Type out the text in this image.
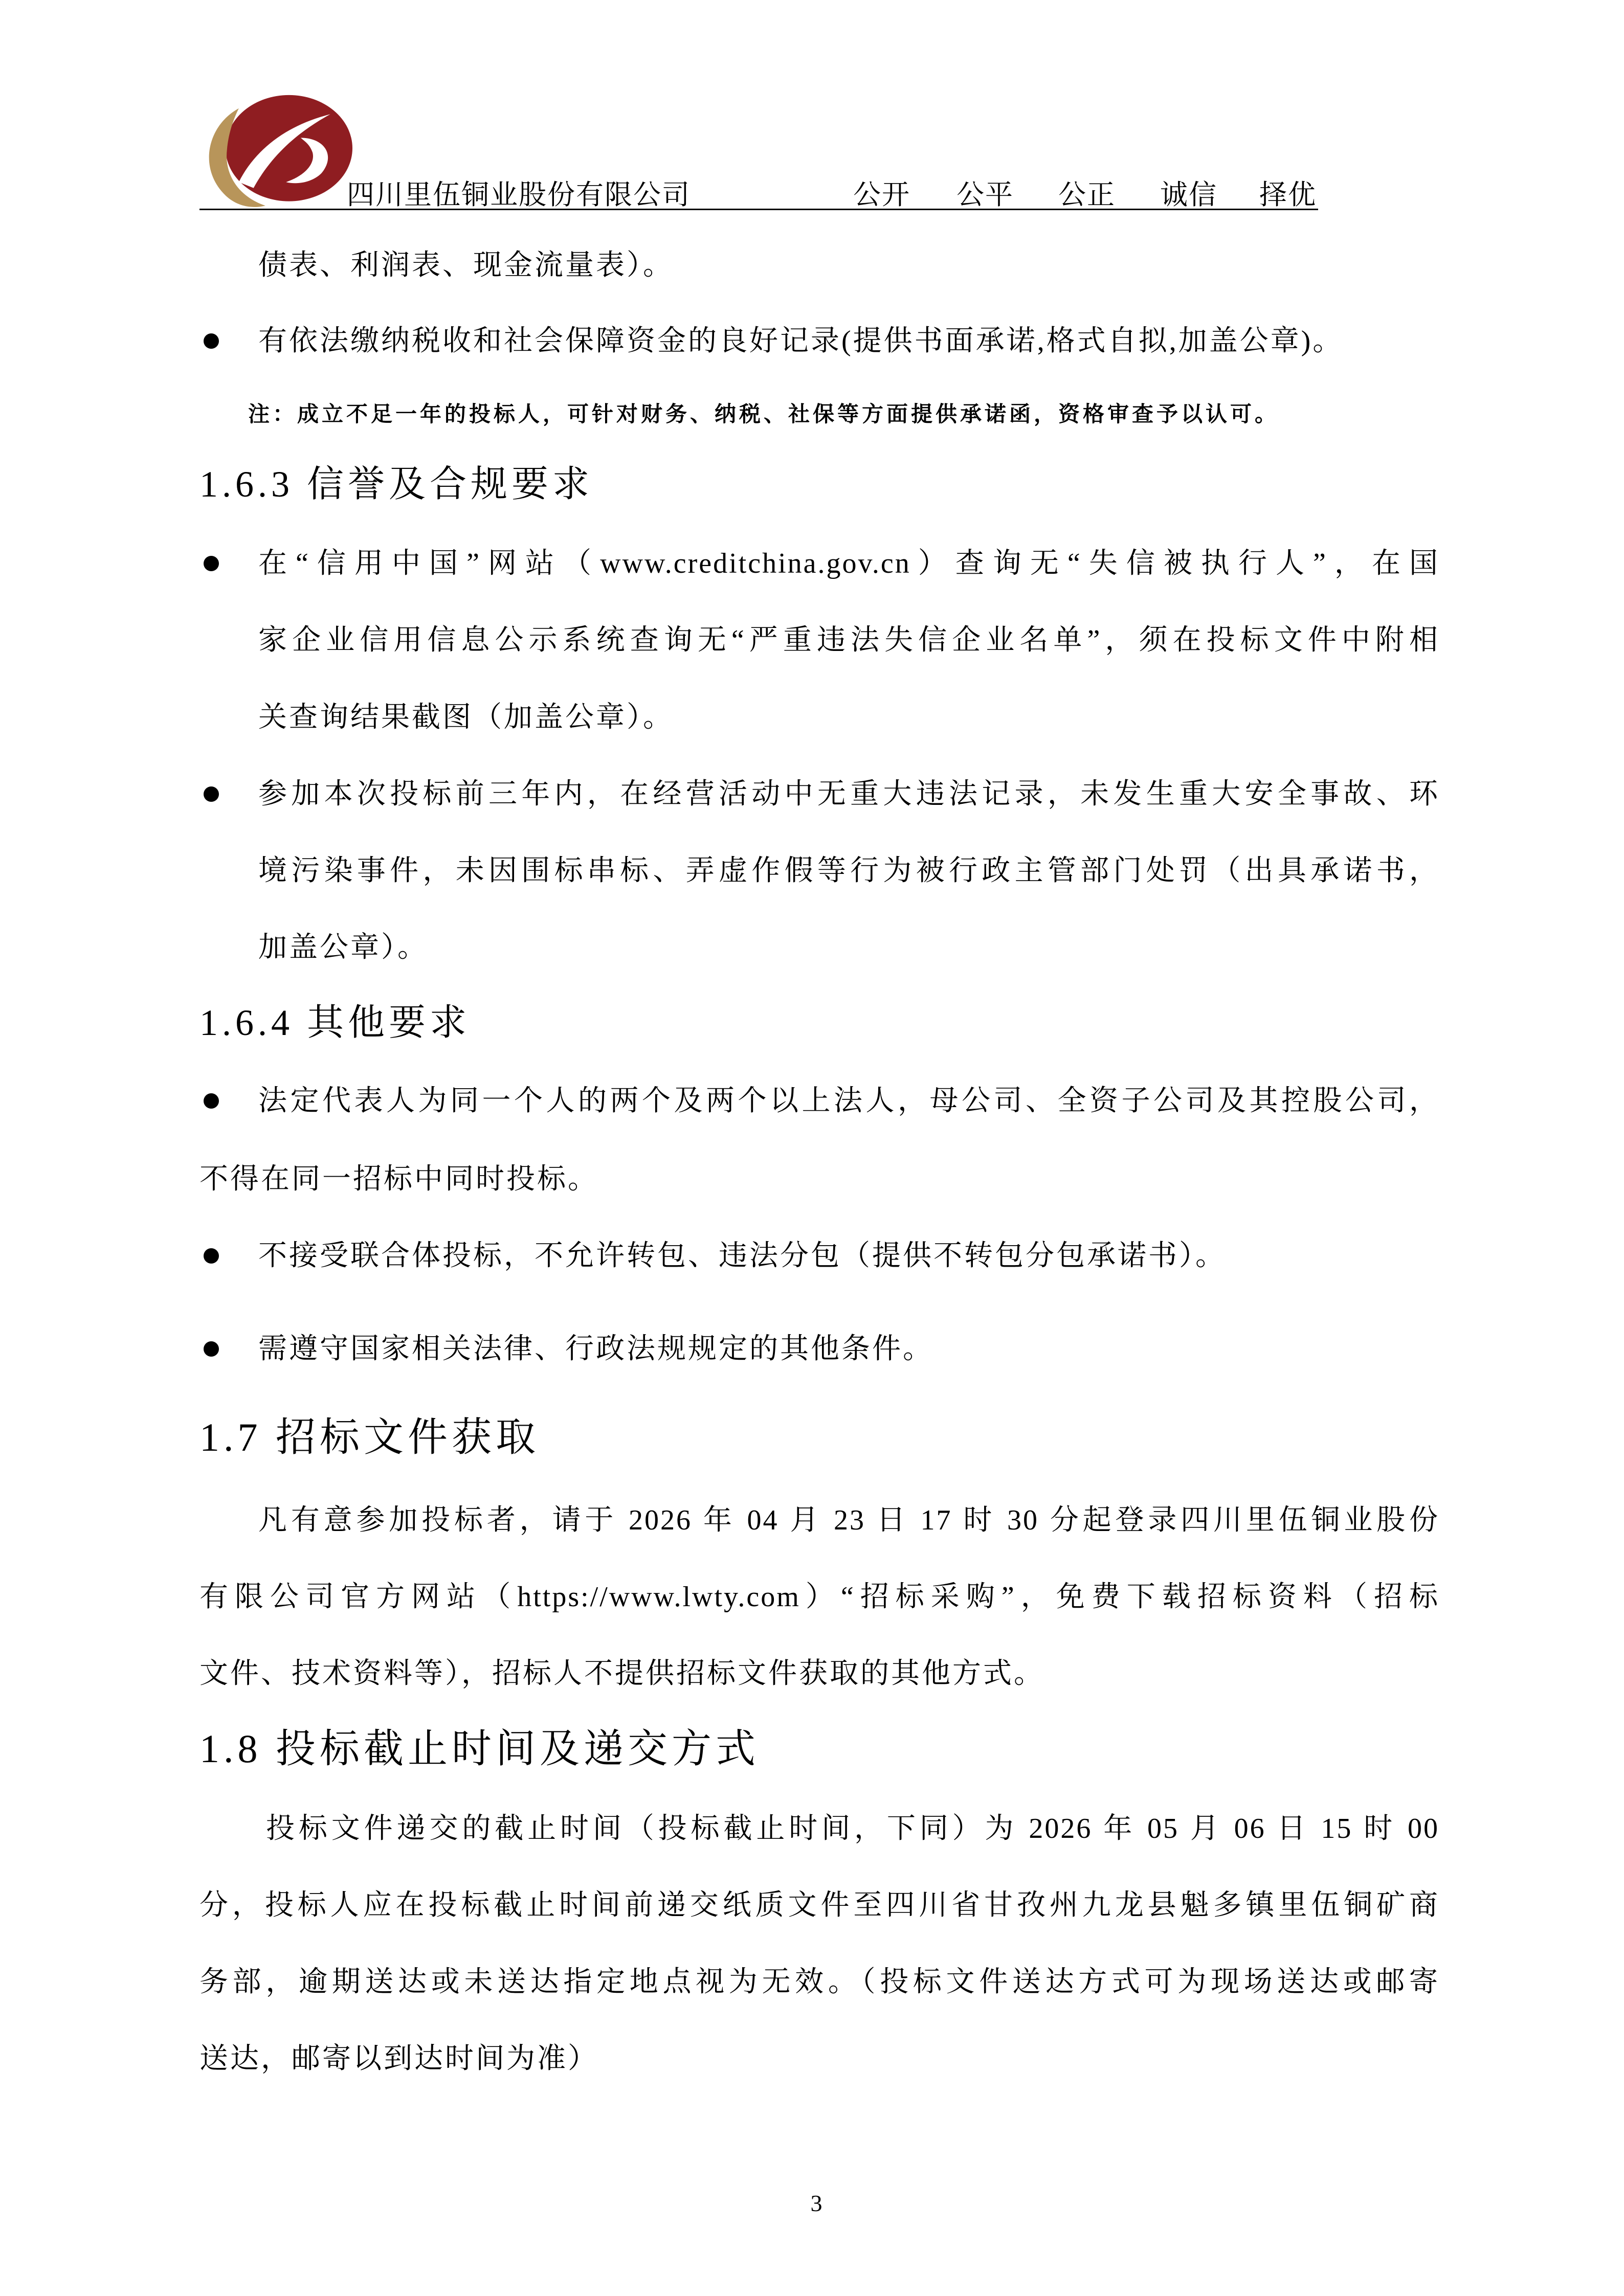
四川里伍铜业股份有限公司	公开 公平 公正 诚信 择优
债表、利润表、现金流量表）。
有依法缴纳税收和社会保障资金的良好记录(提供书面承诺,格式自拟,加盖公章)。
注：成立不足一年的投标人，可针对财务、纳税、社保等方面提供承诺函，资格审查予以认可。
1.6.3 信誉及合规要求
在“信用中国”网站（www.creditchina.gov.cn）查询无“失信被执行人”，在国
家企业信用信息公示系统查询无“严重违法失信企业名单”，须在投标文件中附相
关查询结果截图（加盖公章）。
参加本次投标前三年内，在经营活动中无重大违法记录，未发生重大安全事故、环
境污染事件，未因围标串标、弄虚作假等行为被行政主管部门处罚（出具承诺书，
加盖公章）。
1.6.4 其他要求
法定代表人为同一个人的两个及两个以上法人，母公司、全资子公司及其控股公司，
不得在同一招标中同时投标。
不接受联合体投标，不允许转包、违法分包（提供不转包分包承诺书）。
需遵守国家相关法律、行政法规规定的其他条件。
1.7 招标文件获取
凡有意参加投标者，请于 2026 年 04 月 23 日 17 时 30 分起登录四川里伍铜业股份
有限公司官方网站（https://www.lwty.com）“招标采购”，免费下载招标资料（招标
文件、技术资料等），招标人不提供招标文件获取的其他方式。
1.8 投标截止时间及递交方式
投标文件递交的截止时间（投标截止时间，下同）为 2026 年 05 月 06 日 15 时 00
分，投标人应在投标截止时间前递交纸质文件至四川省甘孜州九龙县魁多镇里伍铜矿商
务部，逾期送达或未送达指定地点视为无效。（投标文件送达方式可为现场送达或邮寄
送达，邮寄以到达时间为准）
3
